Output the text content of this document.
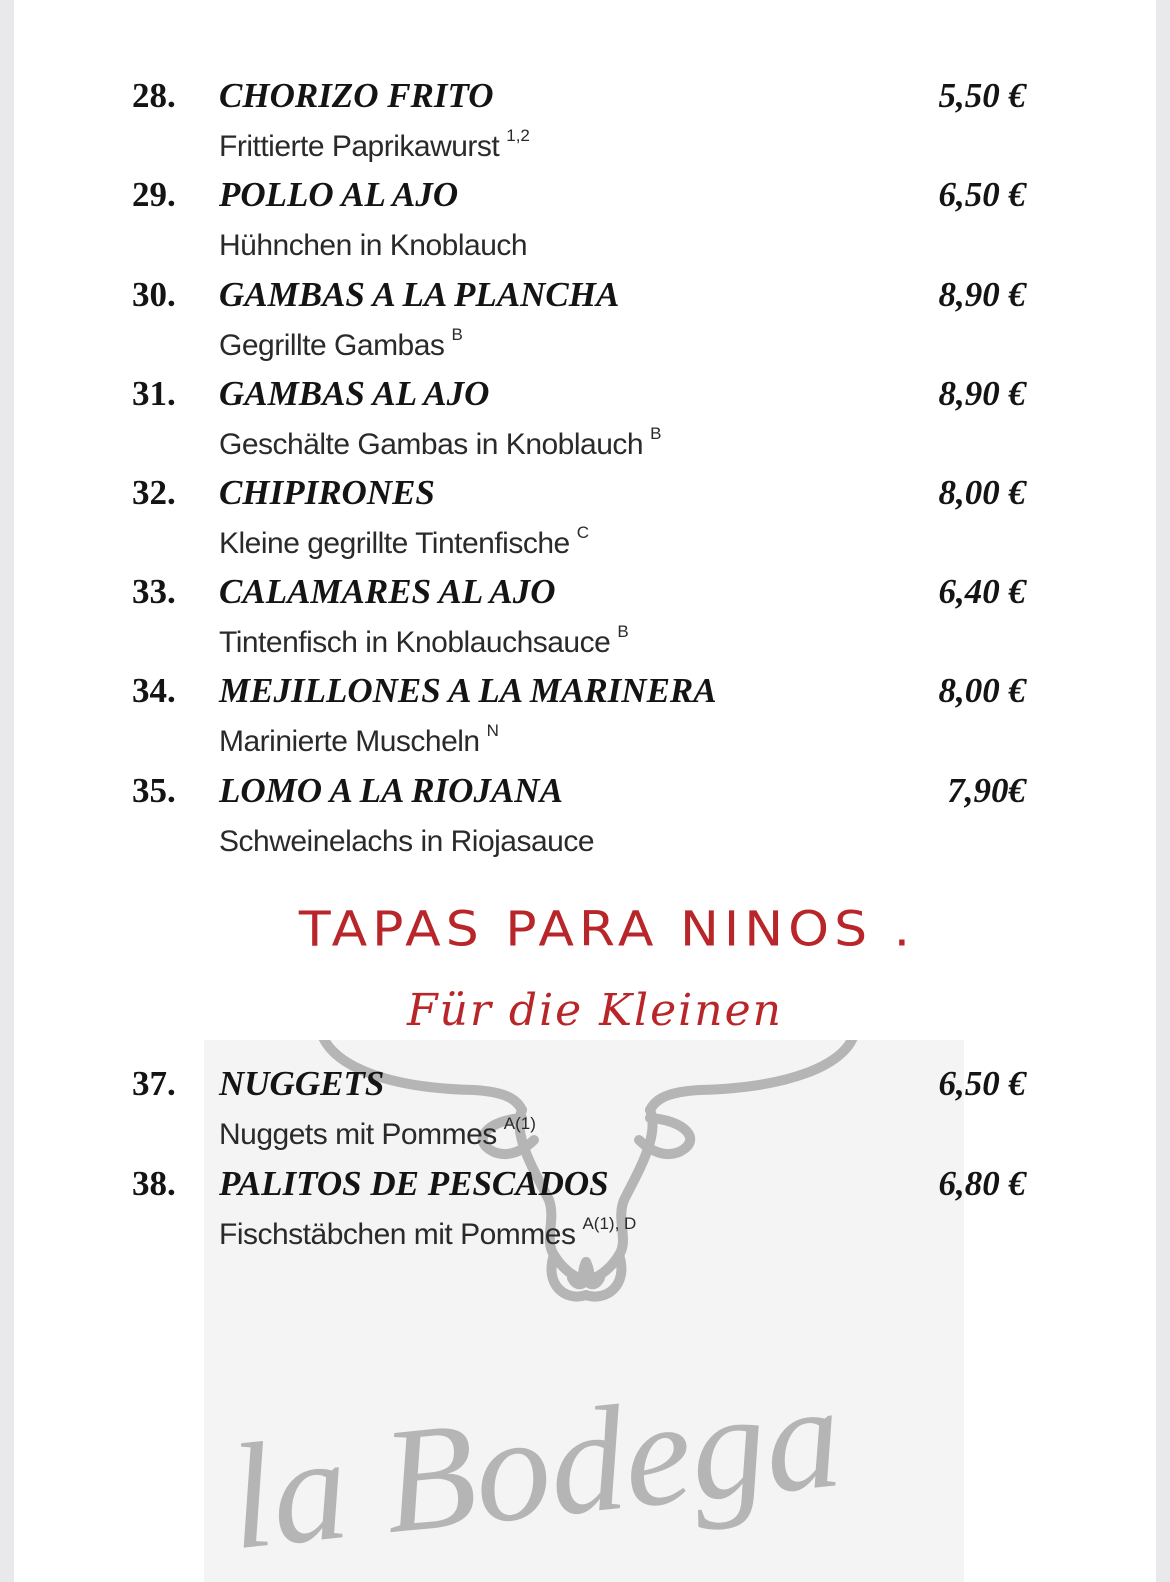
la Bodega
28. CHORIZO FRITO	5,50 €
Frittierte Paprikawurst $^{1,2}$
29. POLLO AL AJO	6,50 €
Hühnchen in Knoblauch
30. GAMBAS A LA PLANCHA	8,90 €
Gegrillte Gambas $^B$
31. GAMBAS AL AJO	8,90 €
Geschälte Gambas in Knoblauch $^B$
32. CHIPIRONES	8,00 €
Kleine gegrillte Tintenfische $^C$
33. CALAMARES AL AJO	6,40 €
Tintenfisch in Knoblauchsauce $^B$
34. MEJILLONES A LA MARINERA	8,00 €
Marinierte Muscheln $^N$
35. LOMO A LA RIOJANA	7,90€
Schweinelachs in Riojasauce
TAPAS PARA NINOS .
Für die Kleinen
37. NUGGETS	6,50 €
Nuggets mit Pommes $^{A(1)}$
38. PALITOS DE PESCADOS	6,80 €
Fischstäbchen mit Pommes $^{A(1), D}$
